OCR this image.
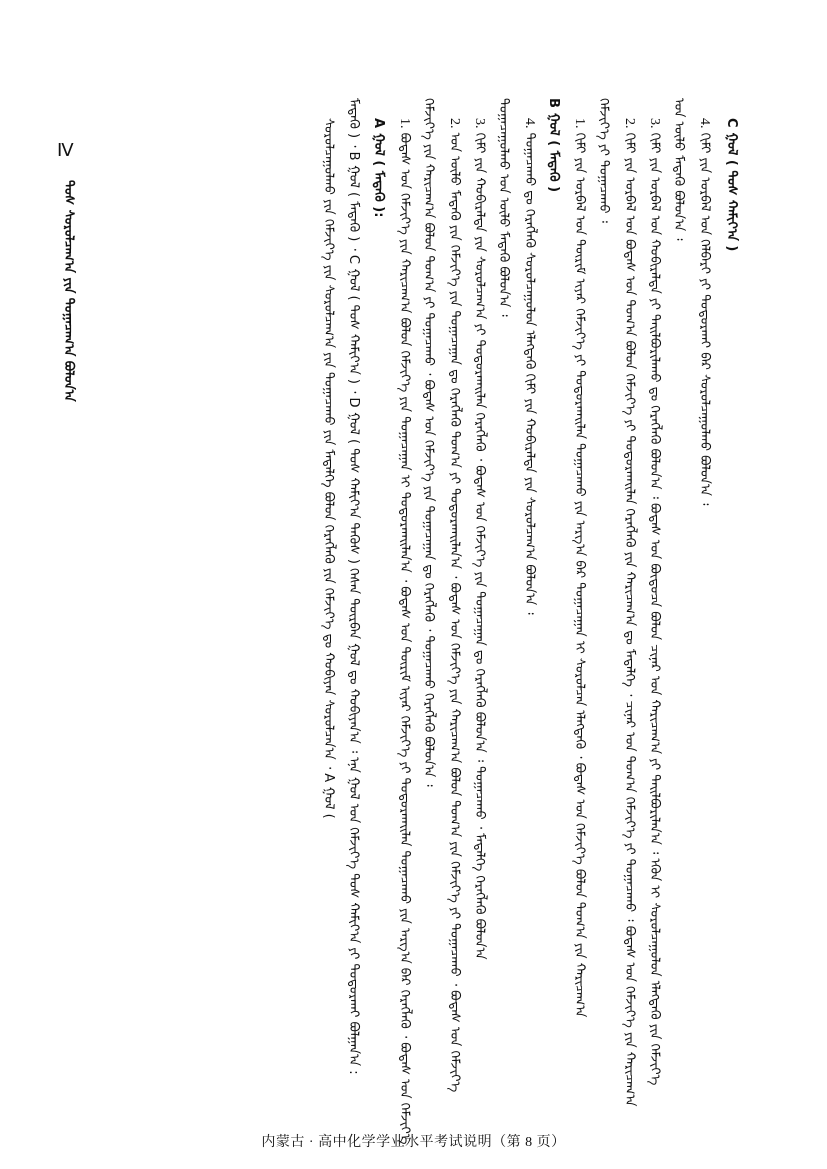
C ᠭᠤᠯ ( ᠳᠤᠰ ᠬᠠᠮᠢᠶ᠎ᠠ )
4. ᠬᠢᠮᠢ ᠶᠢᠨ ᠤᠷᠪᠠᠯ ᠤᠨ ᠬᠡᠯᠪᠡᠷᠢ ᠶᠢ ᠲᠣᠳᠣᠷᠬᠠᠢ ᠪᠡᠷ ᠰᠤᠷᠤᠯᠴᠠᠭᠤᠯᠬᠤ ᠪᠣᠯᠣᠨ᠎ᠠ ᠄
ᠤᠨ ᠦᠯᠦ ᠮᠡᠳᠡᠬᠦ ᠪᠣᠯᠣᠨ᠎ᠠ ᠄
3. ᠬᠢᠮᠢ ᠶᠢᠨ ᠤᠷᠪᠠᠯ ᠤᠨ ᠬᠤᠪᠢᠷᠠᠯᠲᠠ ᠶᠢ ᠲᠠᠢᠯᠪᠤᠷᠢᠯᠠᠬᠤ ᠳᠤ ᠬᠡᠷᠡᠭᠯᠡᠬᠦ ᠪᠣᠯᠣᠨ᠎ᠠ ᠄ ᠪᠣᠳᠠᠰ ᠤᠨ ᠪᠦᠲᠦᠴᠡ ᠪᠣᠯᠣᠨ ᠴᠢᠨᠠᠷ ᠤᠨ ᠬᠠᠷᠢᠴᠠᠭ᠎ᠠ ᠶᠢ ᠲᠠᠢᠯᠪᠤᠷᠢᠯᠠᠨ᠎ᠠ ᠄ ᠡᠭᠦᠨ ᠢ ᠰᠤᠷᠤᠯᠴᠠᠭᠤᠯᠤᠨ ᠡᠯᠡᠭᠳᠡᠬᠦ ᠶᠢᠨ ᠬᠡᠮᠵᠢᠶ᠎ᠡ
2. ᠬᠢᠮᠢ ᠶᠢᠨ ᠤᠷᠪᠠᠯ ᠤᠨ ᠪᠣᠳᠠᠰ ᠤᠨ ᠲᠣᠭ᠎ᠠ ᠪᠣᠯᠣᠨ ᠬᠡᠮᠵᠢᠶ᠎ᠡ ᠶᠢ ᠲᠣᠳᠣᠷᠬᠠᠢᠯᠠᠨ ᠬᠡᠷᠡᠭᠯᠡᠬᠦ ᠶᠢᠨ ᠬᠠᠷᠢᠴᠠᠭ᠎ᠠ ᠳᠤ ᠮᠡᠳᠡᠯᠭᠡ ᠂ ᠴᠢᠨᠠᠷ ᠤᠨ ᠲᠣᠭ᠎ᠠ ᠬᠡᠮᠵᠢᠶ᠎ᠡ ᠶᠢ ᠲᠣᠭᠠᠴᠠᠬᠤ ᠄ ᠪᠣᠳᠠᠰ ᠤᠨ ᠬᠡᠮᠵᠢᠶ᠎ᠡ ᠶᠢᠨ ᠬᠠᠷᠢᠴᠠᠭ᠎ᠠ
ᠬᠡᠮᠵᠢᠶ᠎ᠡ ᠶᠢ ᠲᠣᠭᠠᠴᠠᠬᠤ ᠄
1. ᠬᠢᠮᠢ ᠶᠢᠨ ᠤᠷᠪᠠᠯ ᠤᠨ ᠳᠦᠷᠢᠮ ᠢᠶᠡᠷ ᠬᠡᠮᠵᠢᠶ᠎ᠡ ᠶᠢ ᠲᠣᠳᠣᠷᠬᠠᠢᠯᠠᠨ ᠲᠣᠭᠠᠴᠠᠬᠤ ᠶᠢᠨ ᠠᠷᠭ᠎ᠠ ᠪᠠᠷ ᠲᠣᠭᠠᠴᠠᠭᠠᠨ ᠢ ᠰᠤᠷᠤᠯᠴᠠᠨ ᠡᠯᠡᠭᠳᠡᠬᠦ ᠂ ᠪᠣᠳᠠᠰ ᠤᠨ ᠬᠡᠮᠵᠢᠶ᠎ᠡ ᠪᠣᠯᠣᠨ ᠲᠣᠭ᠎ᠠ ᠶᠢᠨ ᠬᠠᠷᠢᠴᠠᠭ᠎ᠠ
B ᠭᠤᠯ ( ᠮᠡᠳᠡᠬᠦ )
4. ᠲᠣᠭᠠᠴᠠᠬᠤ ᠳᠤ ᠬᠡᠷᠡᠭᠯᠡᠬᠦ ᠰᠤᠷᠤᠯᠴᠠᠭᠤᠯᠤᠨ ᠡᠯᠡᠭᠳᠡᠬᠦ ᠬᠢᠮᠢ ᠶᠢᠨ ᠬᠤᠪᠢᠷᠠᠯᠲᠠ ᠶᠢᠨ ᠰᠤᠷᠤᠯᠴᠠᠭ᠎ᠠ ᠪᠣᠯᠣᠨ᠎ᠠ ᠄
ᠲᠣᠭᠠᠴᠠᠭᠤᠯᠬᠤ ᠤᠨ ᠦᠯᠦ ᠮᠡᠳᠡᠬᠦ ᠪᠣᠯᠣᠨ᠎ᠠ ᠄
3. ᠬᠢᠮᠢ ᠶᠢᠨ ᠬᠤᠪᠢᠷᠠᠯᠲᠠ ᠶᠢᠨ ᠰᠤᠷᠤᠯᠴᠠᠭ᠎ᠠ ᠶᠢ ᠲᠣᠳᠣᠷᠬᠠᠢᠯᠠᠨ ᠬᠡᠷᠡᠭᠯᠡᠬᠦ ᠂ ᠪᠣᠳᠠᠰ ᠤᠨ ᠬᠡᠮᠵᠢᠶ᠎ᠡ ᠶᠢᠨ ᠲᠣᠭᠠᠴᠠᠭᠠᠨ ᠳᠤ ᠬᠡᠷᠡᠭᠯᠡᠬᠦ ᠪᠣᠯᠣᠨ᠎ᠠ ᠄ ᠲᠣᠭᠠᠴᠠᠬᠤ ᠂ ᠮᠡᠳᠡᠯᠭᠡ ᠬᠡᠷᠡᠭᠯᠡᠬᠦ ᠪᠣᠯᠣᠨ᠎ᠠ
2. ᠤᠨ ᠦᠯᠦ ᠮᠡᠳᠡᠬᠦ ᠶᠢᠨ ᠬᠡᠮᠵᠢᠶ᠎ᠡ ᠶᠢᠨ ᠲᠣᠭᠠᠴᠠᠭᠠᠨ ᠳᠤ ᠬᠡᠷᠡᠭᠯᠡᠬᠦ ᠲᠣᠭ᠎ᠠ ᠶᠢ ᠲᠣᠳᠣᠷᠬᠠᠢᠯᠠᠨ᠎ᠠ ᠂ ᠪᠣᠳᠠᠰ ᠤᠨ ᠬᠡᠮᠵᠢᠶ᠎ᠡ ᠶᠢᠨ ᠬᠠᠷᠢᠴᠠᠭ᠎ᠠ ᠪᠣᠯᠣᠨ ᠲᠣᠭ᠎ᠠ ᠶᠢᠨ ᠬᠡᠮᠵᠢᠶ᠎ᠡ ᠶᠢ ᠲᠣᠭᠠᠴᠠᠬᠤ ᠂ ᠪᠣᠳᠠᠰ ᠤᠨ ᠬᠡᠮᠵᠢᠶ᠎ᠡ
ᠬᠡᠮᠵᠢᠶ᠎ᠡ ᠶᠢᠨ ᠬᠠᠷᠢᠴᠠᠭ᠎ᠠ ᠪᠣᠯᠣᠨ ᠲᠣᠭ᠎ᠠ ᠶᠢ ᠲᠣᠭᠠᠴᠠᠬᠤ ᠂ ᠪᠣᠳᠠᠰ ᠤᠨ ᠬᠡᠮᠵᠢᠶ᠎ᠡ ᠶᠢᠨ ᠲᠣᠭᠠᠴᠠᠭᠠᠨ ᠳᠤ ᠬᠡᠷᠡᠭᠯᠡᠬᠦ ᠂ ᠲᠣᠭᠠᠴᠠᠬᠤ ᠬᠡᠷᠡᠭᠯᠡᠬᠦ ᠪᠣᠯᠣᠨ᠎ᠠ ᠄
1. ᠪᠣᠳᠠᠰ ᠤᠨ ᠬᠡᠮᠵᠢᠶ᠎ᠡ ᠶᠢᠨ ᠬᠠᠷᠢᠴᠠᠭ᠎ᠠ ᠪᠣᠯᠣᠨ ᠬᠡᠮᠵᠢᠶ᠎ᠡ ᠶᠢᠨ ᠲᠣᠭᠠᠴᠠᠭᠠᠨ ᠢ ᠲᠣᠳᠣᠷᠬᠠᠢᠯᠠᠨ᠎ᠠ ᠂ ᠪᠣᠳᠠᠰ ᠤᠨ ᠳᠦᠷᠢᠮ ᠢᠶᠡᠷ ᠬᠡᠮᠵᠢᠶ᠎ᠡ ᠶᠢ ᠲᠣᠳᠣᠷᠬᠠᠢᠯᠠᠨ ᠲᠣᠭᠠᠴᠠᠬᠤ ᠶᠢᠨ ᠠᠷᠭ᠎ᠠ ᠪᠠᠷ ᠬᠡᠷᠡᠭᠯᠡᠬᠦ ᠂ ᠪᠣᠳᠠᠰ ᠤᠨ ᠬᠡᠮᠵᠢᠶ᠎ᠡ
A ᠭᠤᠯ ( ᠮᠡᠳᠡᠬᠦ ):
ᠮᠡᠳᠡᠬᠦ ) ᠂ B ᠭᠤᠯ ( ᠮᠡᠳᠡᠬᠦ ) ᠂ C ᠭᠤᠯ ( ᠳᠤᠰ ᠬᠠᠮᠢᠶ᠎ᠠ ) ᠂ D ᠭᠤᠯ ( ᠳᠤᠰ ᠬᠠᠮᠢᠶ᠎ᠠ ᠲᠡᠭᠦᠰ ) ᠭᠡᠰᠡᠨ ᠳᠥᠷᠪᠡᠨ ᠭᠤᠯ ᠳᠤ ᠬᠤᠪᠢᠶᠠᠨ᠎ᠠ ᠄ ᠡᠨᠡ ᠭᠤᠯ ᠤᠨ ᠬᠡᠮᠵᠢᠶ᠎ᠡ ᠳᠤᠰ ᠬᠠᠮᠢᠶ᠎ᠠ ᠶᠢ ᠲᠣᠳᠣᠷᠬᠠᠢ ᠪᠣᠯᠭᠠᠨ᠎ᠠ :
ᠰᠤᠷᠤᠯᠴᠠᠭᠤᠯᠬᠤ ᠶᠢᠨ ᠬᠡᠮᠵᠢᠶ᠎ᠡ ᠶᠢᠨ ᠰᠤᠷᠤᠯᠴᠠᠭ᠎ᠠ ᠶᠢᠨ ᠲᠣᠭᠠᠴᠠᠬᠤ ᠶᠢᠨ ᠮᠡᠳᠡᠯᠭᠡ ᠪᠣᠯᠣᠨ ᠬᠡᠷᠡᠭᠯᠡᠬᠦ ᠶᠢᠨ ᠬᠡᠮᠵᠢᠶ᠎ᠡ ᠳᠤ ᠬᠤᠪᠢᠶᠠᠨ ᠰᠤᠷᠤᠯᠴᠠᠨ᠎ᠠ ᠂ A ᠭᠤᠯ (
Ⅳ
ᠳᠤᠰ ᠰᠤᠷᠤᠯᠴᠠᠭ᠎ᠠ ᠶᠢᠨ ᠲᠣᠭᠠᠴᠠᠭ᠎ᠠ ᠪᠣᠯᠤᠨ᠎ᠠ
内蒙古 · 高中化学学业水平考试说明（第 8 页）
